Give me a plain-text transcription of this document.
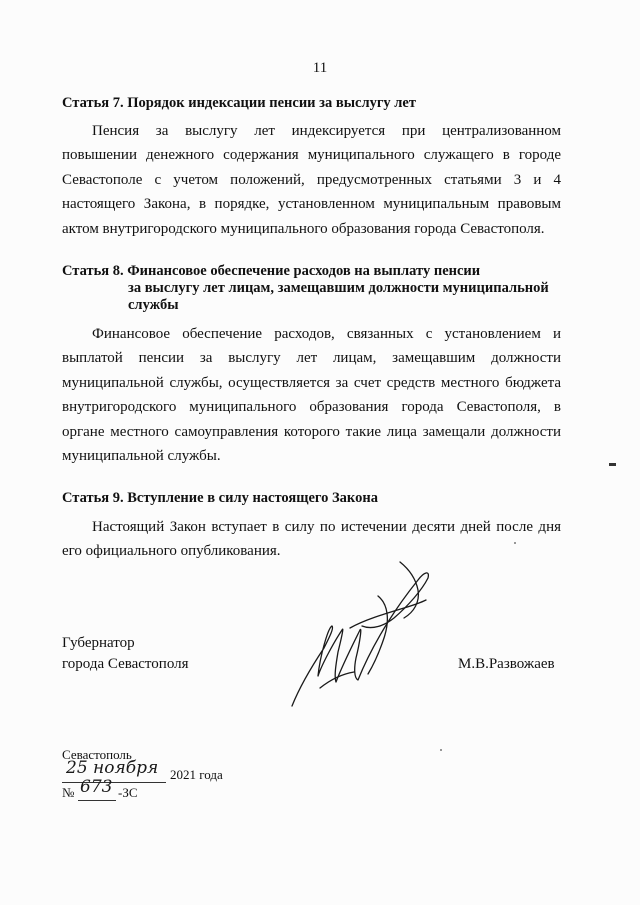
11
Статья 7. Порядок индексации пенсии за выслугу лет

Пенсия за выслугу лет индексируется при централизованном повышении денежного содержания муниципального служащего в городе Севастополе с учетом положений, предусмотренных статьями 3 и 4 настоящего Закона, в порядке, установленном муниципальным правовым актом внутригородского муниципального образования города Севастополя.

Статья 8. Финансовое обеспечение расходов на выплату пенсии
за выслугу лет лицам, замещавшим должности муниципальной
службы

Финансовое обеспечение расходов, связанных с установлением и выплатой пенсии за выслугу лет лицам, замещавшим должности муниципальной службы, осуществляется за счет средств местного бюджета внутригородского муниципального образования города Севастополя, в органе местного самоуправления которого такие лица замещали должности муниципальной службы.

Статья 9. Вступление в силу настоящего Закона

Настоящий Закон вступает в силу по истечении десяти дней после дня его официального опубликования.

Губернатор
города Севастополя	М.В.Развожаев
Севастополь
25 ноября 2021 года
№ 673 -ЗС
